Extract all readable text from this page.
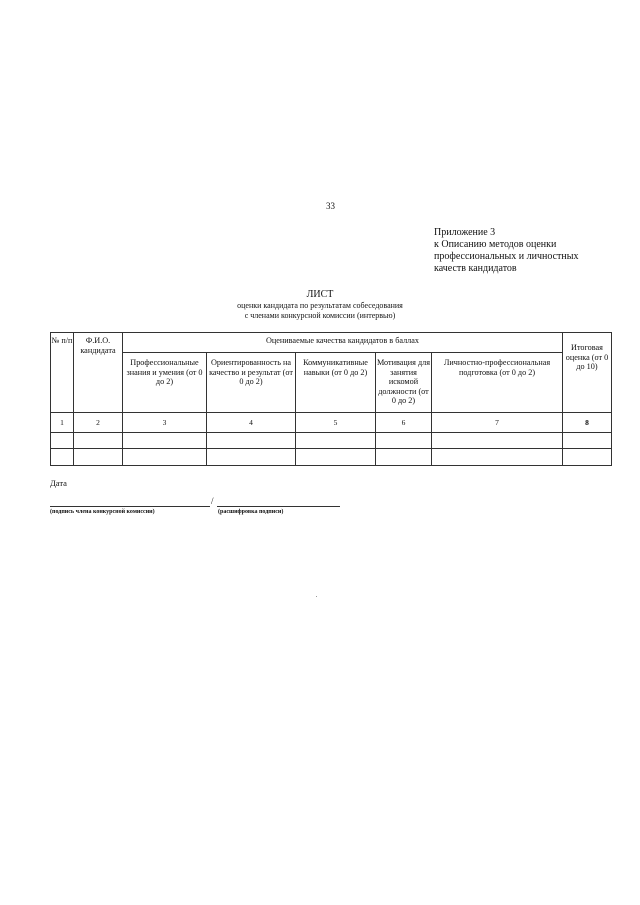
33
Приложение 3
к Описанию методов оценки
профессиональных и личностных
качеств кандидатов
ЛИСТ
оценки кандидата по результатам собеседования
с членами конкурсной комиссии (интервью)
№ п/п	Ф.И.О. кандидата	Оцениваемые качества кандидатов в баллах					Итоговая оценка (от 0 до 10)
		Профессиональные знания и умения (от 0 до 2)	Ориентированность на качество и результат (от 0 до 2)	Коммуникативные навыки (от 0 до 2)	Мотивация для занятия искомой должности (от 0 до 2)	Личностно-профессиональная подготовка (от 0 до 2)	
1	2	3	4	5	6	7	8

Дата
/
(подпись члена конкурсной комиссии)	(расшифровка подписи)
